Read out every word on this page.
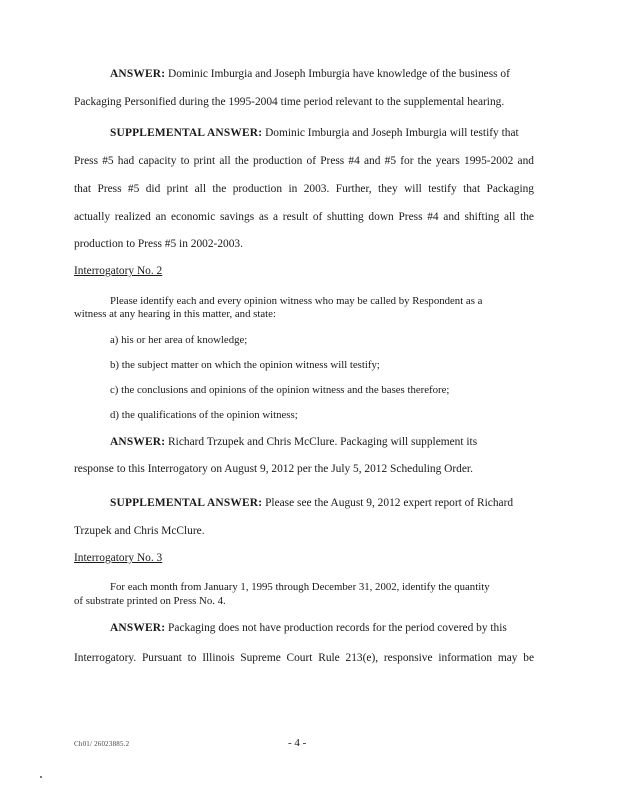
ANSWER: Dominic Imburgia and Joseph Imburgia have knowledge of the business of
Packaging Personified during the 1995-2004 time period relevant to the supplemental hearing.
SUPPLEMENTAL ANSWER: Dominic Imburgia and Joseph Imburgia will testify that
Press #5 had capacity to print all the production of Press #4 and #5 for the years 1995-2002 and
that Press #5 did print all the production in 2003. Further, they will testify that Packaging
actually realized an economic savings as a result of shutting down Press #4 and shifting all the
production to Press #5 in 2002-2003.
Interrogatory No. 2
Please identify each and every opinion witness who may be called by Respondent as a
witness at any hearing in this matter, and state:
a) his or her area of knowledge;
b) the subject matter on which the opinion witness will testify;
c) the conclusions and opinions of the opinion witness and the bases therefore;
d) the qualifications of the opinion witness;
ANSWER: Richard Trzupek and Chris McClure. Packaging will supplement its
response to this Interrogatory on August 9, 2012 per the July 5, 2012 Scheduling Order.
SUPPLEMENTAL ANSWER: Please see the August 9, 2012 expert report of Richard
Trzupek and Chris McClure.
Interrogatory No. 3
For each month from January 1, 1995 through December 31, 2002, identify the quantity
of substrate printed on Press No. 4.
ANSWER: Packaging does not have production records for the period covered by this
Interrogatory. Pursuant to Illinois Supreme Court Rule 213(e), responsive information may be
Ch01/ 26023885.2	- 4 -
